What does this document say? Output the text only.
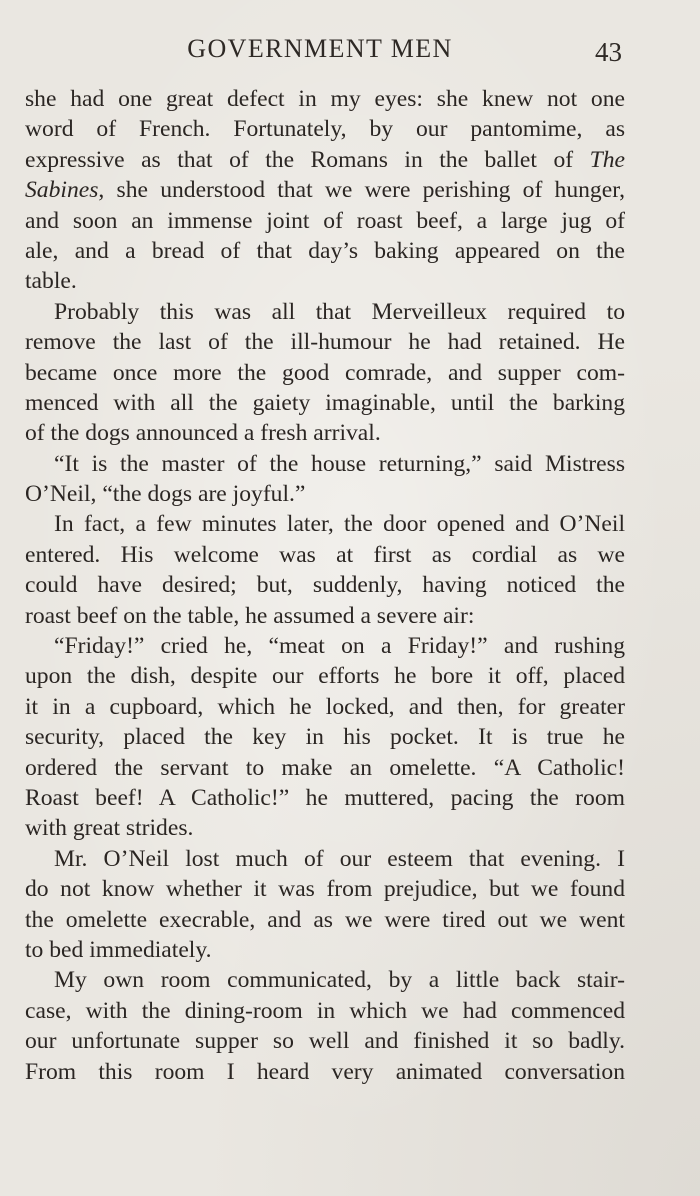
GOVERNMENT MEN	43
she had one great defect in my eyes: she knew not one
word of French. Fortunately, by our pantomime, as
expressive as that of the Romans in the ballet of The
Sabines, she understood that we were perishing of hunger,
and soon an immense joint of roast beef, a large jug of
ale, and a bread of that day’s baking appeared on the
table.
Probably this was all that Merveilleux required to
remove the last of the ill-humour he had retained. He
became once more the good comrade, and supper com-
menced with all the gaiety imaginable, until the barking
of the dogs announced a fresh arrival.
“It is the master of the house returning,” said Mistress
O’Neil, “the dogs are joyful.”
In fact, a few minutes later, the door opened and O’Neil
entered. His welcome was at first as cordial as we
could have desired; but, suddenly, having noticed the
roast beef on the table, he assumed a severe air:
“Friday!” cried he, “meat on a Friday!” and rushing
upon the dish, despite our efforts he bore it off, placed
it in a cupboard, which he locked, and then, for greater
security, placed the key in his pocket. It is true he
ordered the servant to make an omelette. “A Catholic!
Roast beef! A Catholic!” he muttered, pacing the room
with great strides.
Mr. O’Neil lost much of our esteem that evening. I
do not know whether it was from prejudice, but we found
the omelette execrable, and as we were tired out we went
to bed immediately.
My own room communicated, by a little back stair-
case, with the dining-room in which we had commenced
our unfortunate supper so well and finished it so badly.
From this room I heard very animated conversation
